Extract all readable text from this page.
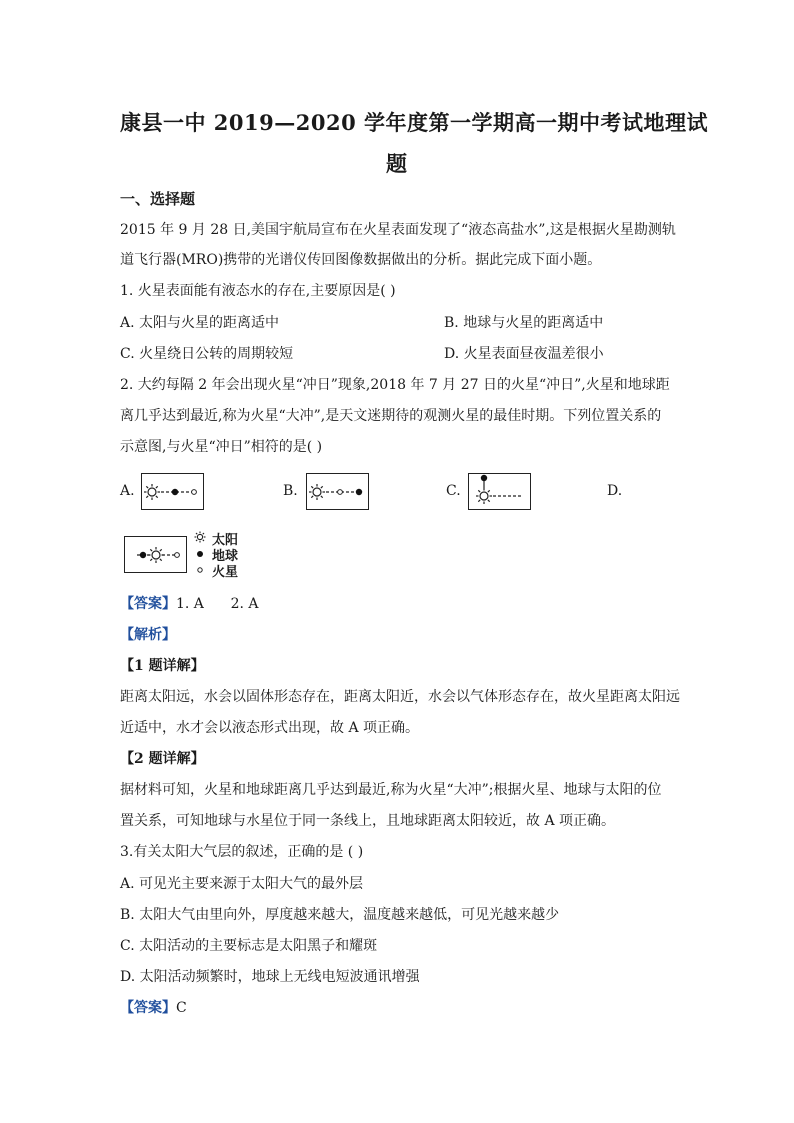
康县一中 2019—2020 学年度第一学期高一期中考试地理试
题
一、选择题
2015 年 9 月 28 日,美国宇航局宣布在火星表面发现了“液态高盐水”,这是根据火星勘测轨
道飞行器(MRO)携带的光谱仪传回图像数据做出的分析。据此完成下面小题。
1. 火星表面能有液态水的存在,主要原因是( )
A. 太阳与火星的距离适中	B. 地球与火星的距离适中
C. 火星绕日公转的周期较短	D. 火星表面昼夜温差很小
2. 大约每隔 2 年会出现火星“冲日”现象,2018 年 7 月 27 日的火星“冲日”,火星和地球距
离几乎达到最近,称为火星“大冲”,是天文迷期待的观测火星的最佳时期。下列位置关系的
示意图,与火星“冲日”相符的是( )
A.	B.	C.	D.
太阳
地球
火星
【答案】1. A      2. A
【解析】
【1 题详解】
距离太阳远，水会以固体形态存在，距离太阳近，水会以气体形态存在，故火星距离太阳远
近适中，水才会以液态形式出现，故 A 项正确。
【2 题详解】
据材料可知，火星和地球距离几乎达到最近,称为火星“大冲”;根据火星、地球与太阳的位
置关系，可知地球与水星位于同一条线上，且地球距离太阳较近，故 A 项正确。
3.有关太阳大气层的叙述，正确的是 ( )
A. 可见光主要来源于太阳大气的最外层
B. 太阳大气由里向外，厚度越来越大，温度越来越低，可见光越来越少
C. 太阳活动的主要标志是太阳黑子和耀斑
D. 太阳活动频繁时，地球上无线电短波通讯增强
【答案】C
